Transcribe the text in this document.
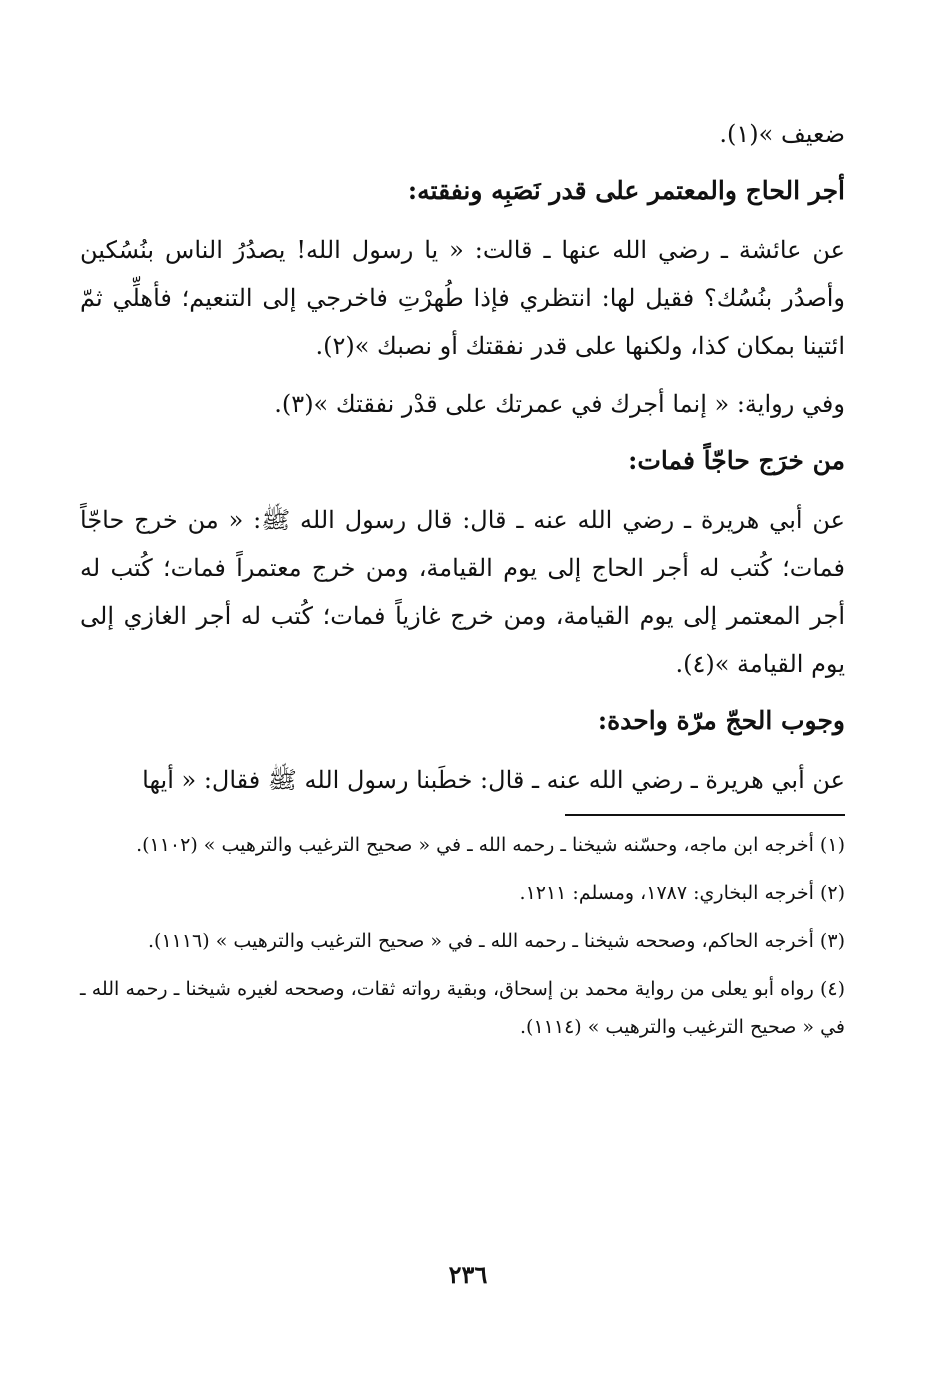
ضعيف »(١).

أجر الحاج والمعتمر على قدر نَصَبِه ونفقته:

عن عائشة ـ رضي الله عنها ـ قالت: « يا رسول الله! يصدُرُ الناس بنُسُكين وأصدُر بنُسُك؟ فقيل لها: انتظري فإذا طُهرْتِ فاخرجي إلى التنعيم؛ فأهلِّي ثمّ ائتينا بمكان كذا، ولكنها على قدر نفقتك أو نصبك »(٢).

وفي رواية: « إنما أجرك في عمرتك على قدْر نفقتك »(٣).

من خرَج حاجّاً فمات:

عن أبي هريرة ـ رضي الله عنه ـ قال: قال رسول الله ﷺ: « من خرج حاجّاً فمات؛ كُتب له أجر الحاج إلى يوم القيامة، ومن خرج معتمراً فمات؛ كُتب له أجر المعتمر إلى يوم القيامة، ومن خرج غازياً فمات؛ كُتب له أجر الغازي إلى يوم القيامة »(٤).

وجوب الحجّ مرّة واحدة:

عن أبي هريرة ـ رضي الله عنه ـ قال: خطَبنا رسول الله ﷺ فقال: « أيها

(١) أخرجه ابن ماجه، وحسّنه شيخنا ـ رحمه الله ـ في « صحيح الترغيب والترهيب » (١١٠٢).

(٢) أخرجه البخاري: ١٧٨٧، ومسلم: ١٢١١.

(٣) أخرجه الحاكم، وصححه شيخنا ـ رحمه الله ـ في « صحيح الترغيب والترهيب » (١١١٦).

(٤) رواه أبو يعلى من رواية محمد بن إسحاق، وبقية رواته ثقات، وصححه لغيره شيخنا ـ رحمه الله ـ في « صحيح الترغيب والترهيب » (١١١٤).

٢٣٦
